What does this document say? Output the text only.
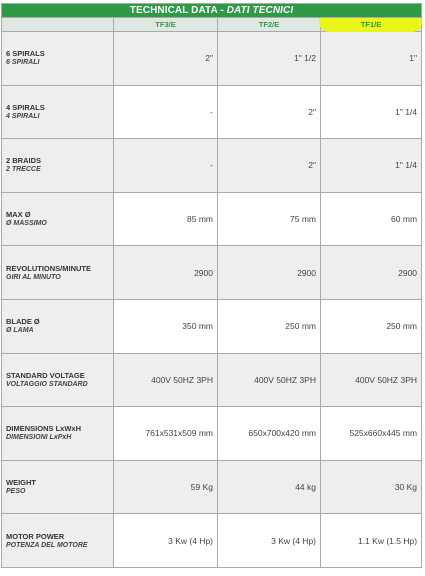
TECHNICAL DATA - DATI TECNICI			
	TF3/E	TF2/E	TF1/E

6 SPIRALS
6 SPIRALI	2"	1" 1/2	1"

4 SPIRALS
4 SPIRALI	-	2"	1" 1/4

2 BRAIDS
2 TRECCE	-	2"	1" 1/4

MAX Ø
Ø MASSIMO	85 mm	75 mm	60 mm

REVOLUTIONS/MINUTE
GIRI AL MINUTO	2900	2900	2900

BLADE Ø
Ø LAMA	350 mm	250 mm	250 mm

STANDARD VOLTAGE
VOLTAGGIO STANDARD	400V 50HZ 3PH	400V 50HZ 3PH	400V 50HZ 3PH

DIMENSIONS LxWxH
DIMENSIONI LxPxH	761x531x509 mm	650x700x420 mm	525x660x445 mm

WEIGHT
PESO	59 Kg	44 kg	30 Kg

MOTOR POWER
POTENZA DEL MOTORE	3 Kw (4 Hp)	3 Kw (4 Hp)	1.1 Kw (1.5 Hp)
